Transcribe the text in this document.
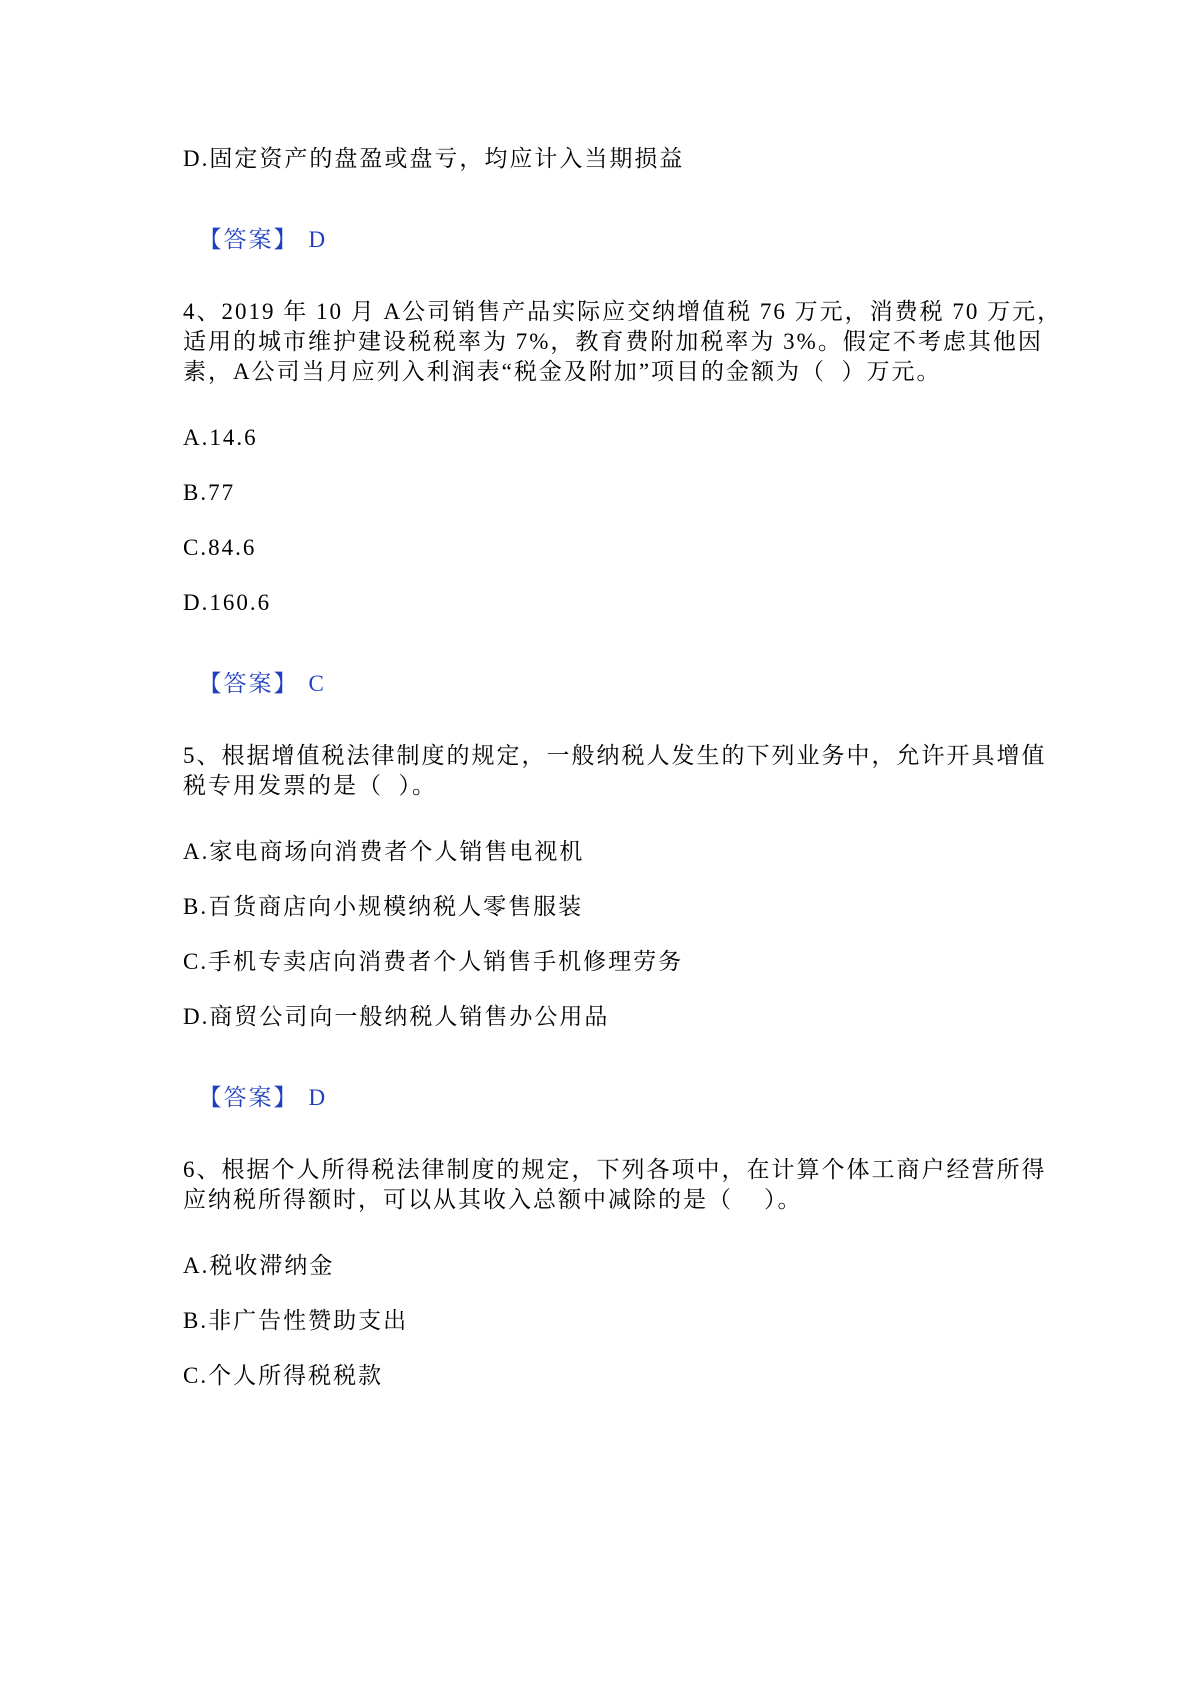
D.固定资产的盘盈或盘亏，均应计入当期损益

【答案】 D

4、2019 年 10 月 A公司销售产品实际应交纳增值税 76 万元，消费税 70 万元，
适用的城市维护建设税税率为 7%，教育费附加税率为 3%。假定不考虑其他因
素，A公司当月应列入利润表“税金及附加”项目的金额为（  ）万元。
A.14.6
B.77
C.84.6
D.160.6

【答案】 C

5、根据增值税法律制度的规定，一般纳税人发生的下列业务中，允许开具增值
税专用发票的是（  ）。
A.家电商场向消费者个人销售电视机
B.百货商店向小规模纳税人零售服装
C.手机专卖店向消费者个人销售手机修理劳务
D.商贸公司向一般纳税人销售办公用品

【答案】 D

6、根据个人所得税法律制度的规定，下列各项中，在计算个体工商户经营所得
应纳税所得额时，可以从其收入总额中减除的是（    ）。
A.税收滞纳金
B.非广告性赞助支出
C.个人所得税税款
